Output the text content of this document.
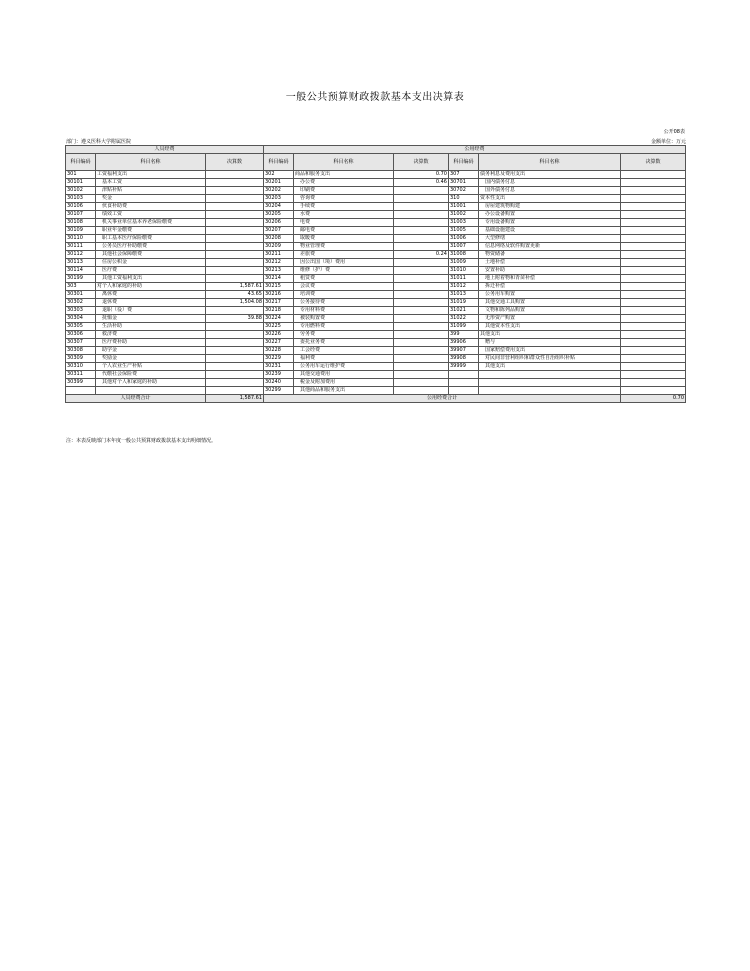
一般公共预算财政拨款基本支出决算表
公开08表
部门：遵义医科大学附属医院	金额单位：万元
人员经费			公用经费					
科目编码	科目名称	决算数	科目编码	科目名称	决算数	科目编码	科目名称	决算数
301	工资福利支出		302	商品和服务支出	0.70	307	债务利息及费用支出	
30101	基本工资		30201	办公费	0.46	30701	国内债务付息	
30102	津贴补贴		30202	印刷费		30702	国外债务付息	
30103	奖金		30203	咨询费		310	资本性支出	
30106	伙食补助费		30204	手续费		31001	房屋建筑物购建	
30107	绩效工资		30205	水费		31002	办公设备购置	
30108	机关事业单位基本养老保险缴费		30206	电费		31003	专用设备购置	
30109	职业年金缴费		30207	邮电费		31005	基础设施建设	
30110	职工基本医疗保险缴费		30208	取暖费		31006	大型修缮	
30111	公务员医疗补助缴费		30209	物业管理费		31007	信息网络及软件购置更新	
30112	其他社会保障缴费		30211	差旅费	0.24	31008	物资储备	
30113	住房公积金		30212	因公出国（境）费用		31009	土地补偿	
30114	医疗费		30213	维修（护）费		31010	安置补助	
30199	其他工资福利支出		30214	租赁费		31011	地上附着物和青苗补偿	
303	对个人和家庭的补助	1,587.61	30215	会议费		31012	拆迁补偿	
30301	离休费	43.65	30216	培训费		31013	公务用车购置	
30302	退休费	1,504.08	30217	公务接待费		31019	其他交通工具购置	
30303	退职（役）费		30218	专用材料费		31021	文物和陈列品购置	
30304	抚恤金	39.88	30224	被装购置费		31022	无形资产购置	
30305	生活补助		30225	专用燃料费		31099	其他资本性支出	
30306	救济费		30226	劳务费		399	其他支出	
30307	医疗费补助		30227	委托业务费		39906	赠与	
30308	助学金		30228	工会经费		39907	国家赔偿费用支出	
30309	奖励金		30229	福利费		39908	对民间非营利组织和群众性自治组织补贴	
30310	个人农业生产补贴		30231	公务用车运行维护费		39999	其他支出	
30311	代缴社会保险费		30239	其他交通费用				
30399	其他对个人和家庭的补助		30240	税金及附加费用				
			30299	其他商品和服务支出				
人员经费合计		1,587.61	公用经费合计					0.70
注：本表反映部门本年度一般公共预算财政拨款基本支出明细情况。
